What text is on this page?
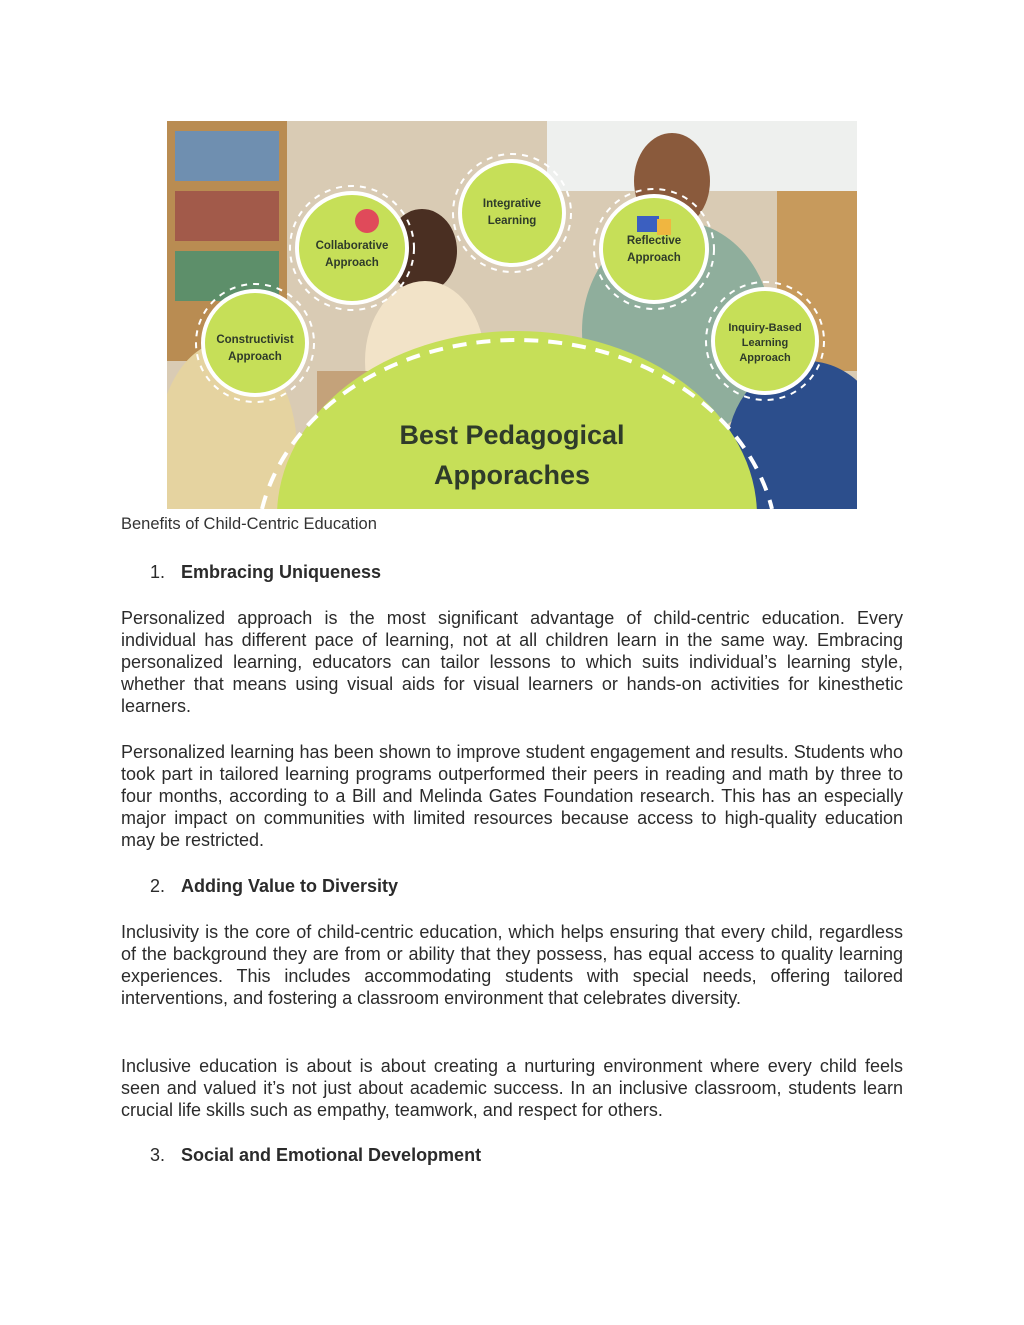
Best Pedagogical
Apporaches
Collaborative
Approach
Integrative
Learning
Reflective
Approach
Constructivist
Approach
Inquiry-Based
Learning
Approach
Benefits of Child-Centric Education
1. Embracing Uniqueness
Personalized approach is the most significant advantage of child-centric education. Every individual has different pace of learning, not at all children learn in the same way. Embracing personalized learning, educators can tailor lessons to which suits individual’s learning style, whether that means using visual aids for visual learners or hands-on activities for kinesthetic learners.
Personalized learning has been shown to improve student engagement and results. Students who took part in tailored learning programs outperformed their peers in reading and math by three to four months, according to a Bill and Melinda Gates Foundation research. This has an especially major impact on communities with limited resources because access to high-quality education may be restricted.
2. Adding Value to Diversity
Inclusivity is the core of child-centric education, which helps ensuring that every child, regardless of the background they are from or ability that they possess, has equal access to quality learning experiences. This includes accommodating students with special needs, offering tailored interventions, and fostering a classroom environment that celebrates diversity.
Inclusive education is about is about creating a nurturing environment where every child feels seen and valued it’s not just about academic success. In an inclusive classroom, students learn crucial life skills such as empathy, teamwork, and respect for others.
3. Social and Emotional Development
